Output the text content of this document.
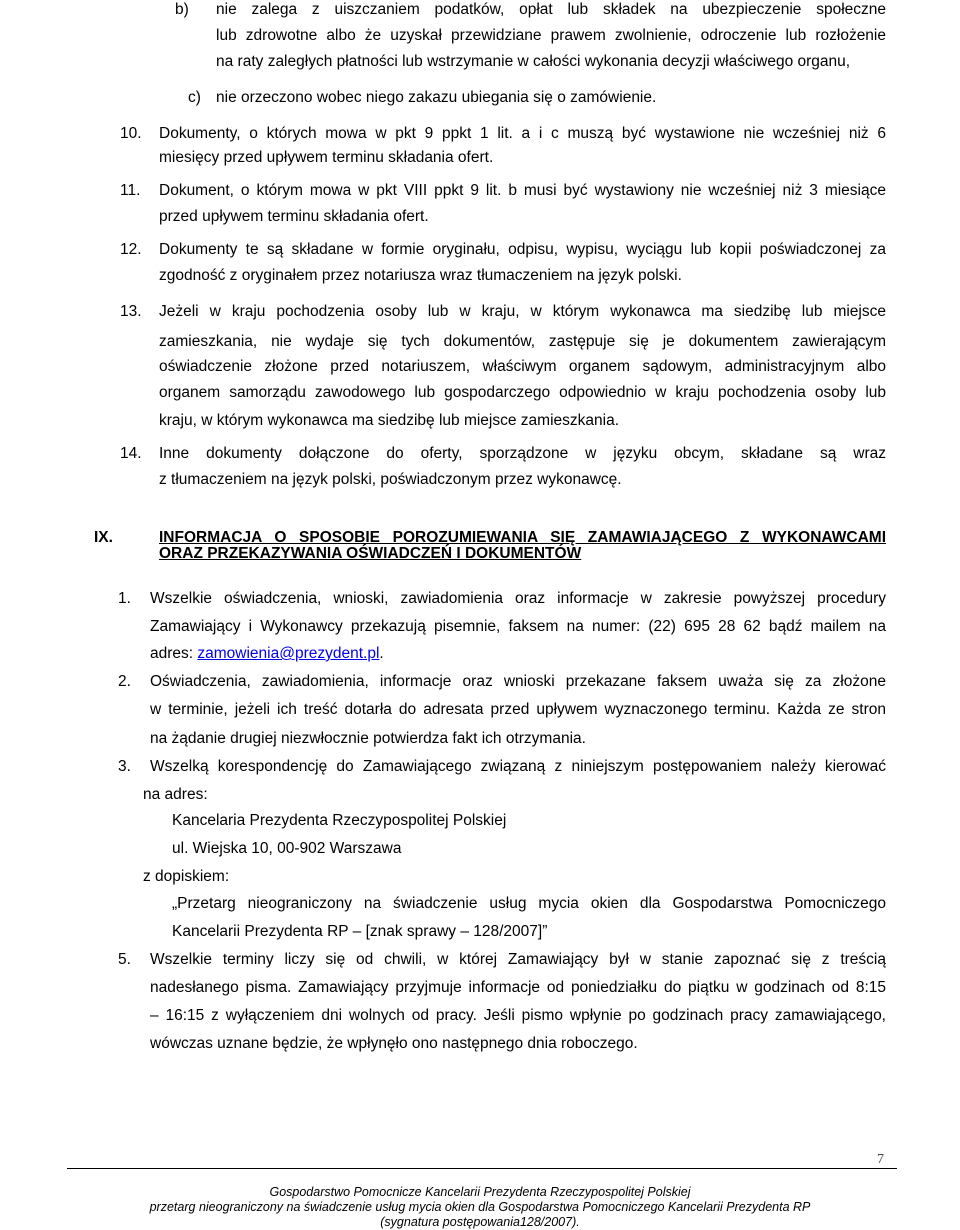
b) nie zalega z uiszczaniem podatków, opłat lub składek na ubezpieczenie społeczne
lub zdrowotne albo że uzyskał przewidziane prawem zwolnienie, odroczenie lub rozłożenie
na raty zaległych płatności lub wstrzymanie w całości wykonania decyzji właściwego organu,
c) nie orzeczono wobec niego zakazu ubiegania się o zamówienie.
10. Dokumenty, o których mowa w pkt 9 ppkt 1 lit. a i c muszą być wystawione nie wcześniej niż 6
miesięcy przed upływem terminu składania ofert.
11. Dokument, o którym mowa w pkt VIII ppkt 9 lit. b musi być wystawiony nie wcześniej niż 3 miesiące
przed upływem terminu składania ofert.
12. Dokumenty te są składane w formie oryginału, odpisu, wypisu, wyciągu lub kopii poświadczonej za
zgodność z oryginałem przez notariusza wraz tłumaczeniem na język polski.
13. Jeżeli w kraju pochodzenia osoby lub w kraju, w którym wykonawca ma siedzibę lub miejsce
zamieszkania, nie wydaje się tych dokumentów, zastępuje się je dokumentem zawierającym
oświadczenie złożone przed notariuszem, właściwym organem sądowym, administracyjnym albo
organem samorządu zawodowego lub gospodarczego odpowiednio w kraju pochodzenia osoby lub
kraju, w którym wykonawca ma siedzibę lub miejsce zamieszkania.
14. Inne dokumenty dołączone do oferty, sporządzone w języku obcym, składane są wraz
z tłumaczeniem na język polski, poświadczonym przez wykonawcę.
IX.	INFORMACJA O SPOSOBIE POROZUMIEWANIA SIĘ ZAMAWIAJĄCEGO Z WYKONAWCAMI
ORAZ PRZEKAZYWANIA OŚWIADCZEŃ I DOKUMENTÓW
1. Wszelkie oświadczenia, wnioski, zawiadomienia oraz informacje w zakresie powyższej procedury
Zamawiający i Wykonawcy przekazują pisemnie, faksem na numer: (22) 695 28 62 bądź mailem na
adres: zamowienia@prezydent.pl.
2. Oświadczenia, zawiadomienia, informacje oraz wnioski przekazane faksem uważa się za złożone
w terminie, jeżeli ich treść dotarła do adresata przed upływem wyznaczonego terminu. Każda ze stron
na żądanie drugiej niezwłocznie potwierdza fakt ich otrzymania.
3. Wszelką korespondencję do Zamawiającego związaną z niniejszym postępowaniem należy kierować
na adres:
Kancelaria Prezydenta Rzeczypospolitej Polskiej
ul. Wiejska 10, 00-902 Warszawa
z dopiskiem:
„Przetarg nieograniczony na świadczenie usług mycia okien dla Gospodarstwa Pomocniczego
Kancelarii Prezydenta RP – [znak sprawy – 128/2007]”
5. Wszelkie terminy liczy się od chwili, w której Zamawiający był w stanie zapoznać się z treścią
nadesłanego pisma. Zamawiający przyjmuje informacje od poniedziałku do piątku w godzinach od 8:15
– 16:15 z wyłączeniem dni wolnych od pracy. Jeśli pismo wpłynie po godzinach pracy zamawiającego,
wówczas uznane będzie, że wpłynęło ono następnego dnia roboczego.
7
Gospodarstwo Pomocnicze Kancelarii Prezydenta Rzeczypospolitej Polskiej
przetarg nieograniczony na świadczenie usług mycia okien dla Gospodarstwa Pomocniczego Kancelarii Prezydenta RP
(sygnatura postępowania128/2007).
